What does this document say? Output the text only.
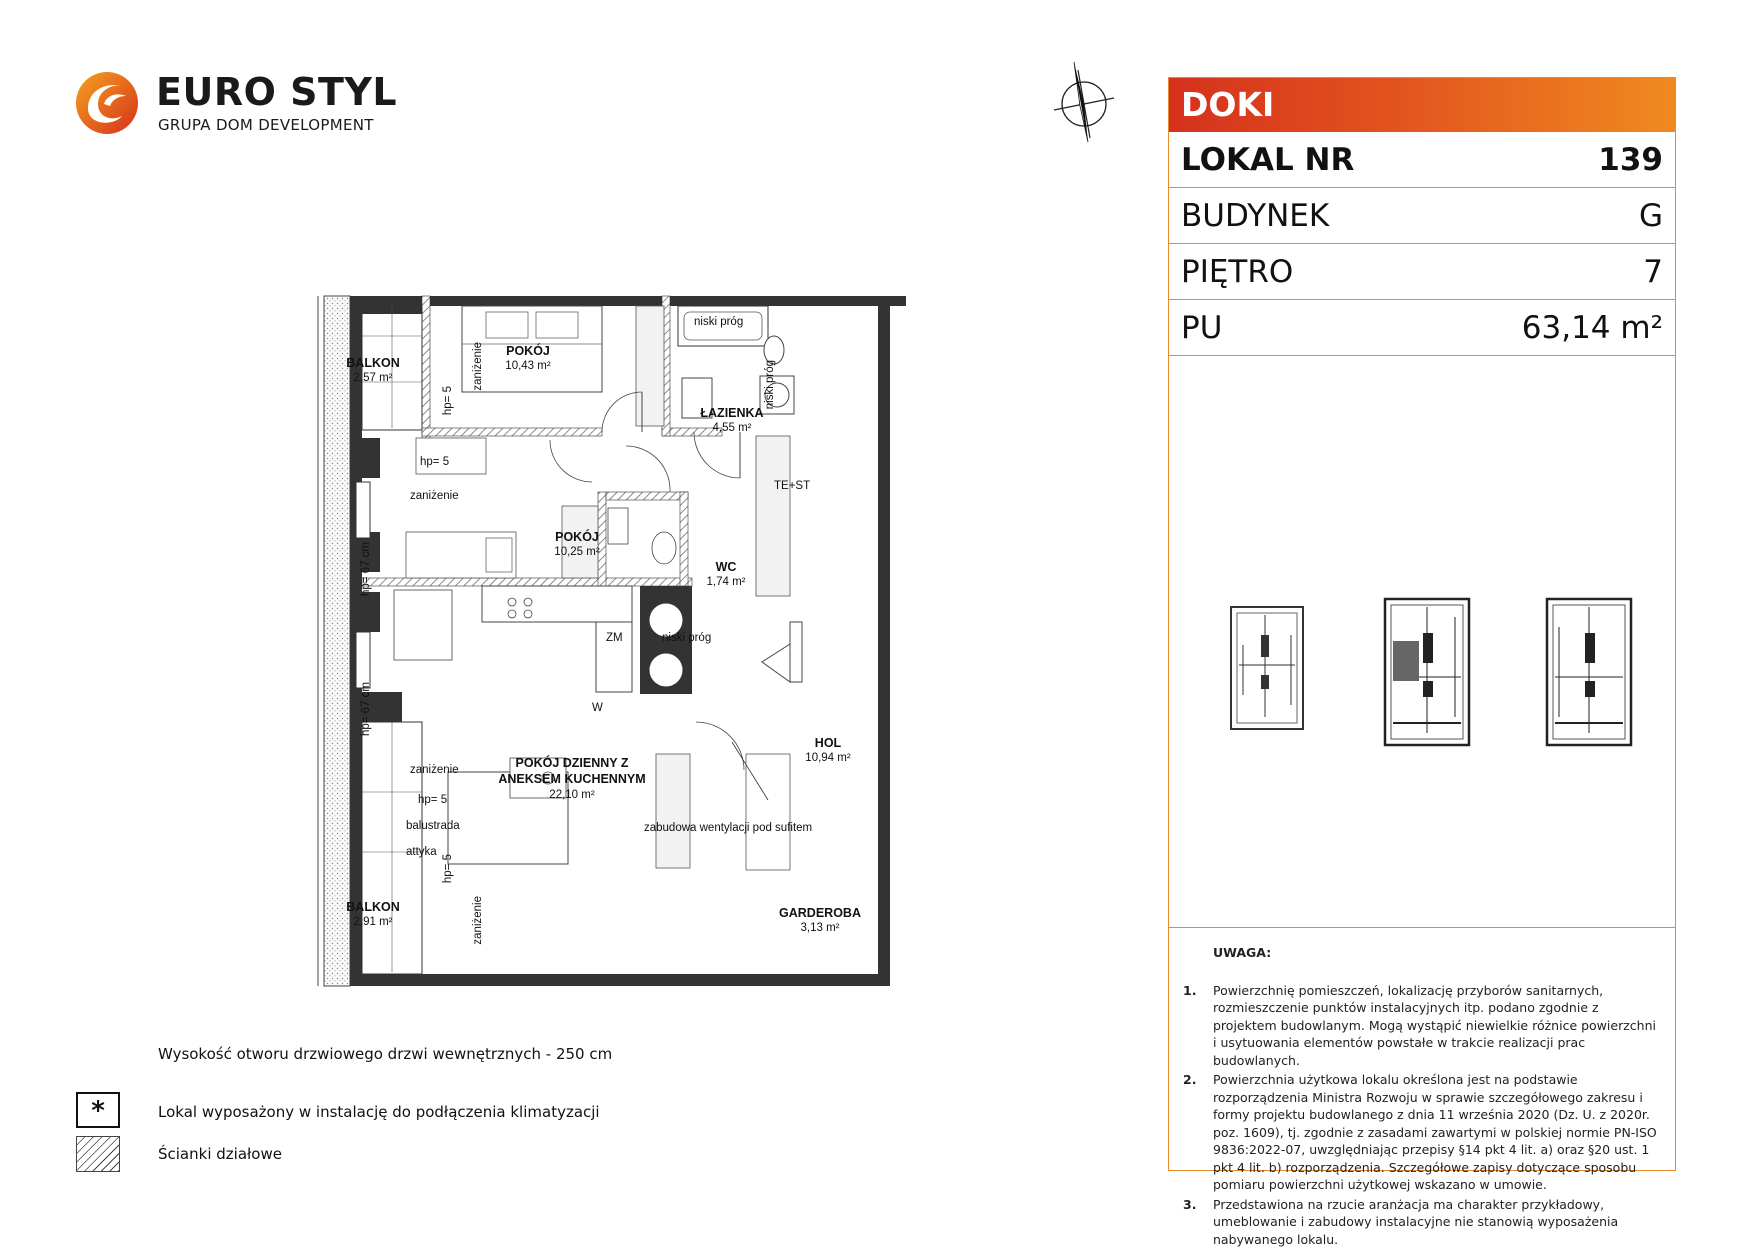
EURO STYL
GRUPA DOM DEVELOPMENT
DOKI
LOKAL NR	139
BUDYNEK	G
PIĘTRO	7
PU	63,14 m²
UWAGA:
1.	Powierzchnię pomieszczeń, lokalizację przyborów sanitarnych, rozmieszczenie punktów instalacyjnych itp. podano zgodnie z projektem budowlanym. Mogą wystąpić niewielkie różnice powierzchni i usytuowania elementów powstałe w trakcie realizacji prac budowlanych.
2.	Powierzchnia użytkowa lokalu określona jest na podstawie rozporządzenia Ministra Rozwoju w sprawie szczegółowego zakresu i formy projektu budowlanego z dnia 11 września 2020 (Dz. U. z 2020r. poz. 1609), tj. zgodnie z zasadami zawartymi w polskiej normie PN-ISO 9836:2022-07, uwzględniając przepisy §14 pkt 4 lit. a) oraz §20 ust. 1 pkt 4 lit. b) rozporządzenia. Szczegółowe zapisy dotyczące sposobu pomiaru powierzchni użytkowej wskazano w umowie.
3.	Przedstawiona na rzucie aranżacja ma charakter przykładowy, umeblowanie i zabudowy instalacyjne nie stanowią wyposażenia nabywanego lokalu.
BALKON
2,57 m²
POKÓJ
10,43 m²
ŁAZIENKA
4,55 m²
POKÓJ
10,25 m²
WC
1,74 m²
HOL
10,94 m²
POKÓJ DZIENNY Z
ANEKSEM KUCHENNYM
22,10 m²
BALKON
2,91 m²
GARDEROBA
3,13 m²
zaniżenie
hp= 5
hp= 5
zaniżenie
hp= 67 cm
hp= 67 cm
zaniżenie
hp= 5
balustrada
attyka
hp= 5
zaniżenie
niski próg
niski próg
TE+ST
ZM
W
niski próg
zabudowa wentylacji pod sufitem
Wysokość otworu drzwiowego drzwi wewnętrznych - 250 cm
*	Lokal wyposażony w instalację do podłączenia klimatyzacji
Ścianki działowe
